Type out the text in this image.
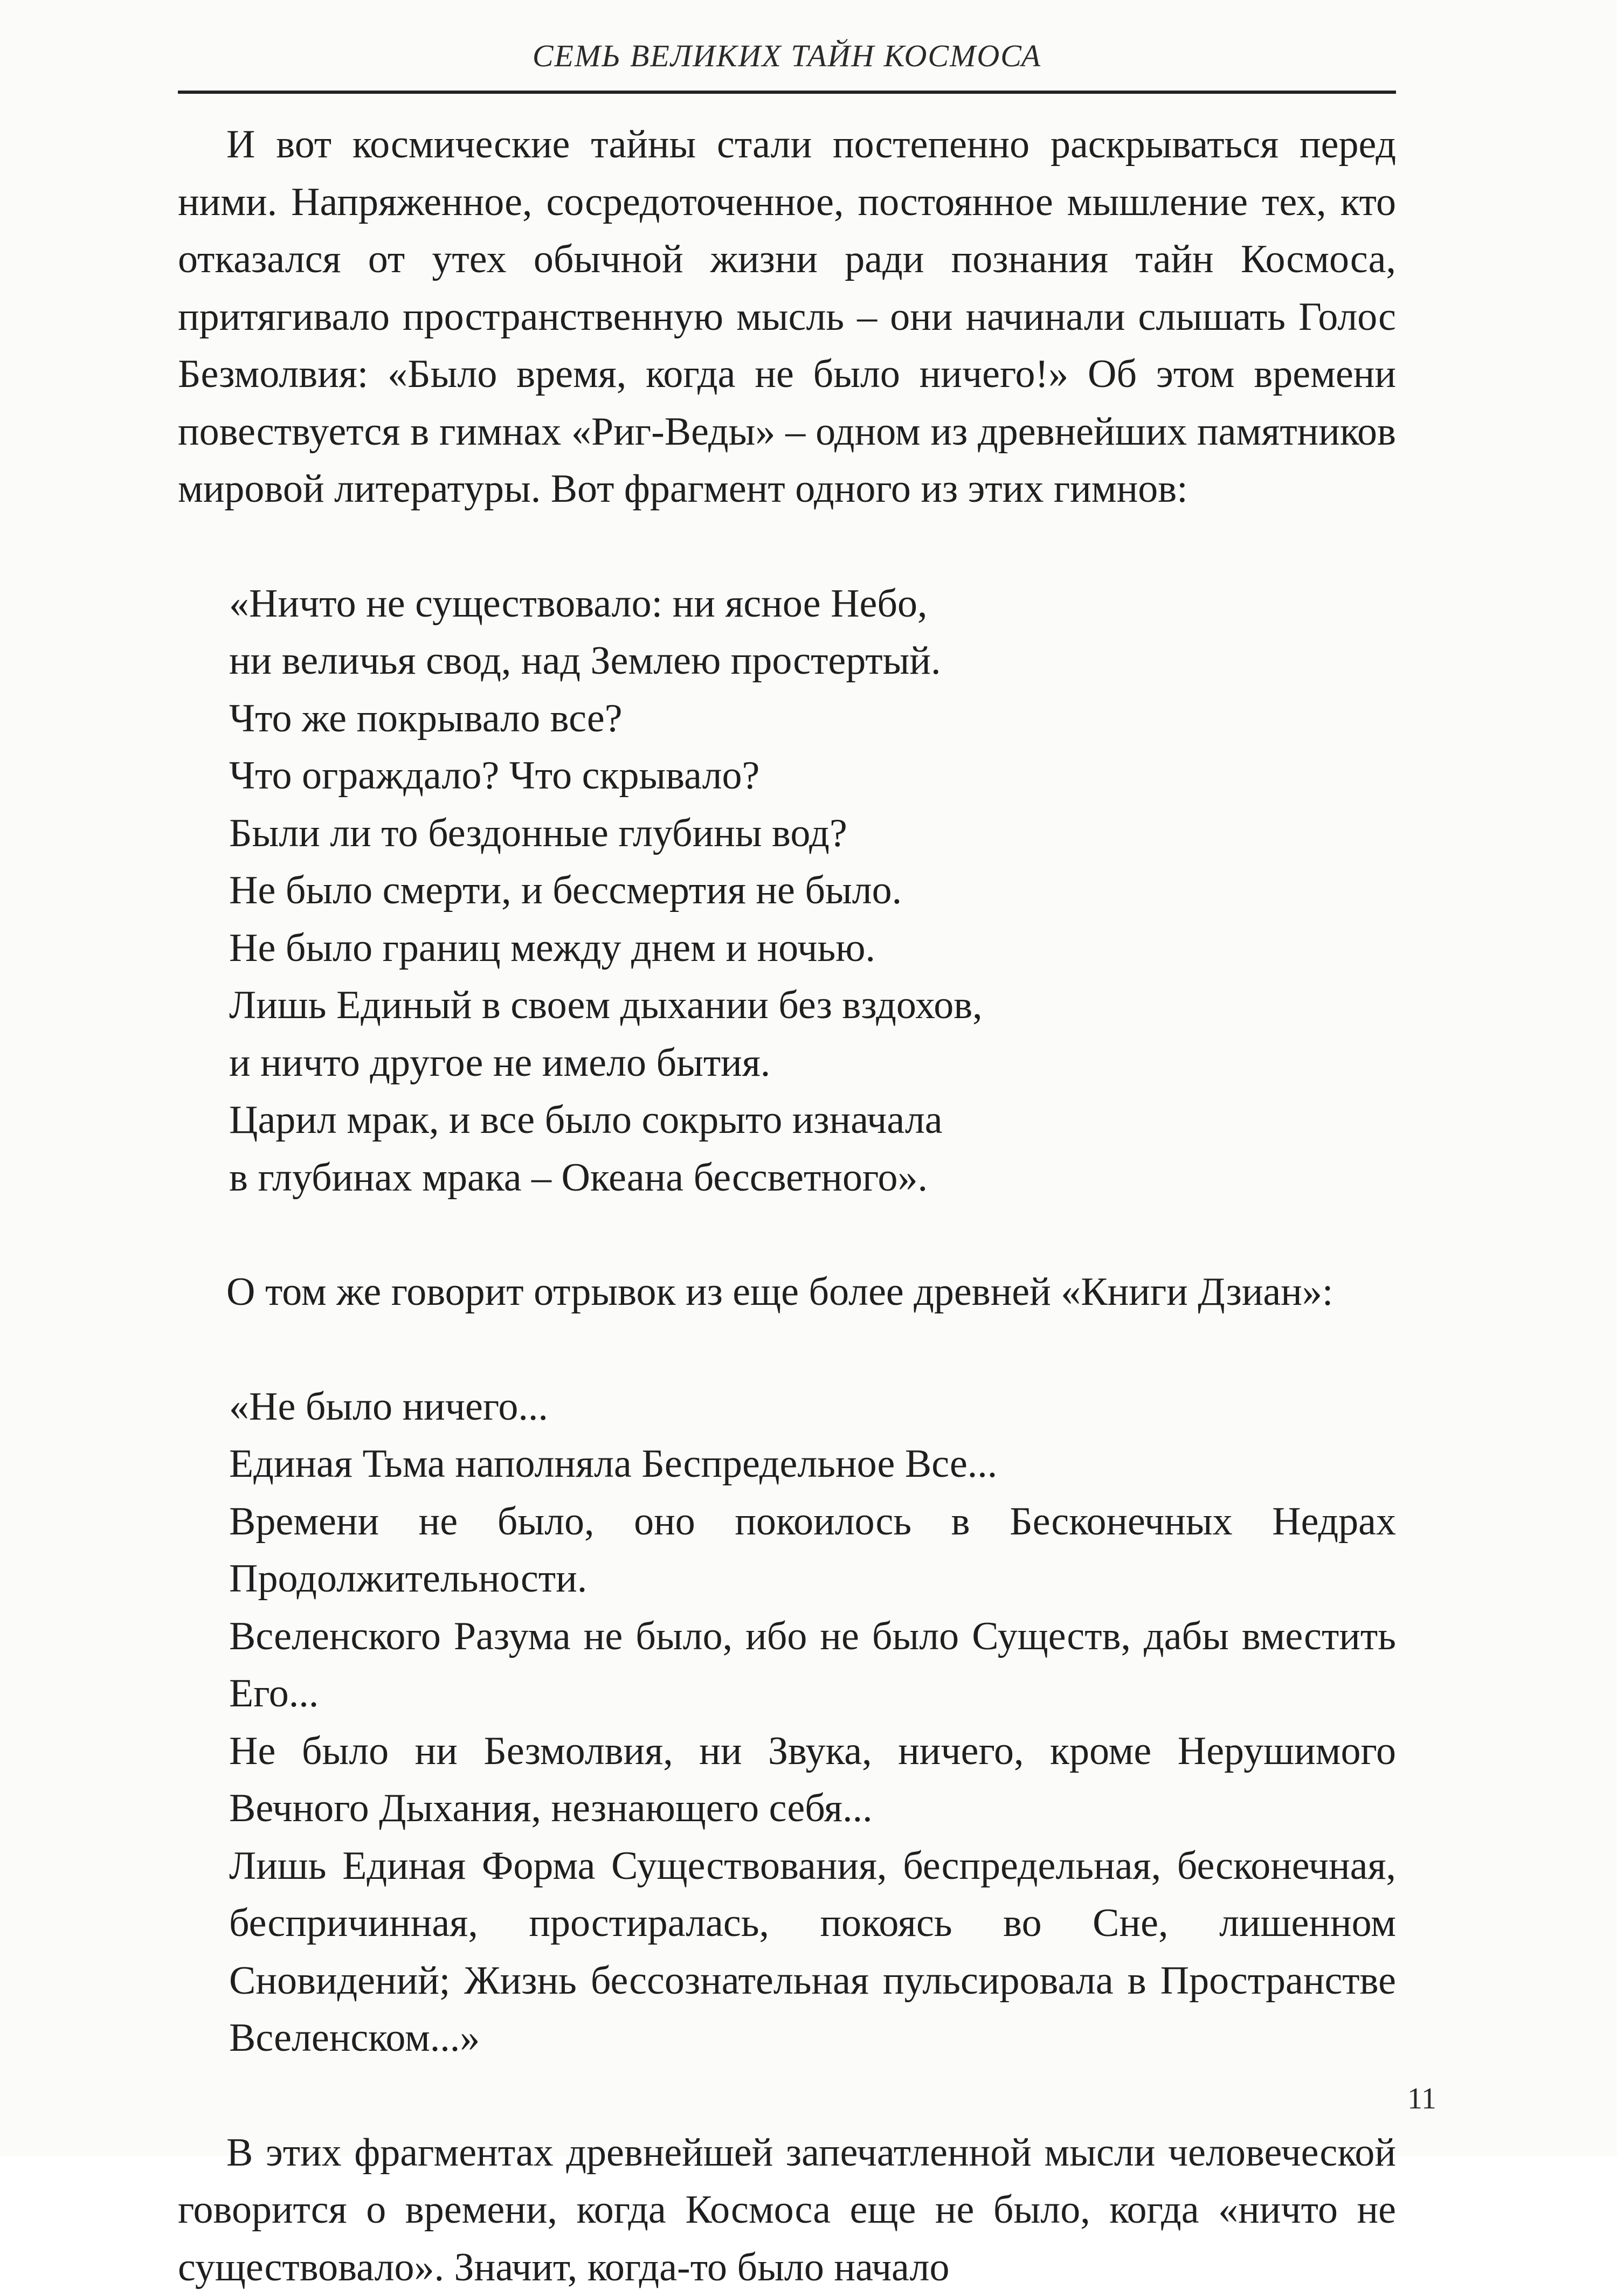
СЕМЬ ВЕЛИКИХ ТАЙН КОСМОСА

И вот космические тайны стали постепенно раскрываться перед ними. Напряженное, сосредоточенное, постоянное мышление тех, кто отказался от утех обычной жизни ради познания тайн Космоса, притягивало пространственную мысль – они начинали слышать Голос Безмолвия: «Было время, когда не было ничего!» Об этом времени повествуется в гимнах «Риг-Веды» – одном из древнейших памятников мировой литературы. Вот фрагмент одного из этих гимнов:

«Ничто не существовало: ни ясное Небо,
ни величья свод, над Землею простертый.
Что же покрывало все?
Что ограждало? Что скрывало?
Были ли то бездонные глубины вод?
Не было смерти, и бессмертия не было.
Не было границ между днем и ночью.
Лишь Единый в своем дыхании без вздохов,
и ничто другое не имело бытия.
Царил мрак, и все было сокрыто изначала
в глубинах мрака – Океана бессветного».

О том же говорит отрывок из еще более древней «Книги Дзиан»:

«Не было ничего...
Единая Тьма наполняла Беспредельное Все...
Времени не было, оно покоилось в Бесконечных Недрах Продолжительности.
Вселенского Разума не было, ибо не было Существ, дабы вместить Его...
Не было ни Безмолвия, ни Звука, ничего, кроме Нерушимого Вечного Дыхания, незнающего себя...
Лишь Единая Форма Существования, беспредельная, бесконечная, беспричинная, простиралась, покоясь во Сне, лишенном Сновидений; Жизнь бессознательная пульсировала в Пространстве Вселенском...»

В этих фрагментах древнейшей запечатленной мысли человеческой говорится о времени, когда Космоса еще не было, когда «ничто не существовало». Значит, когда-то было начало

11
